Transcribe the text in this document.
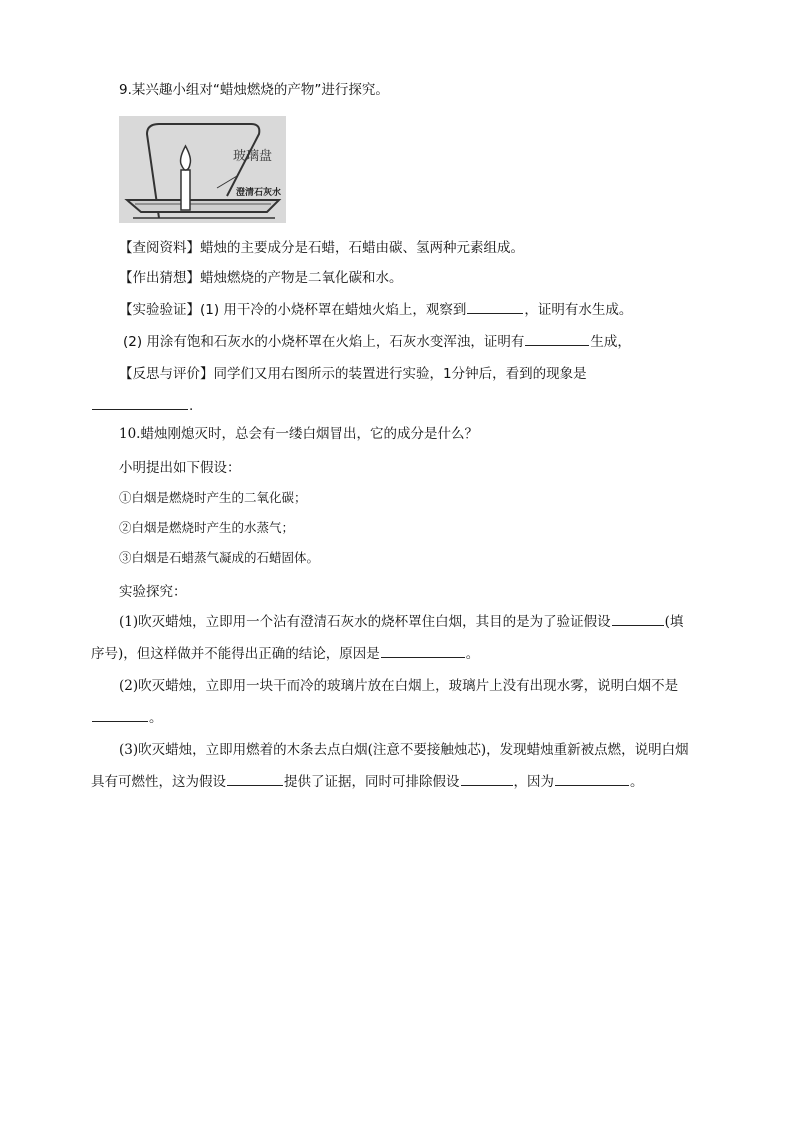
9.某兴趣小组对“蜡烛燃烧的产物”进行探究。
玻璃盘
澄清石灰水
【查阅资料】蜡烛的主要成分是石蜡，石蜡由碳、氢两种元素组成。
【作出猜想】蜡烛燃烧的产物是二氧化碳和水。
【实验验证】(1) 用干冷的小烧杯罩在蜡烛火焰上，观察到	，证明有水生成。
(2) 用涂有饱和石灰水的小烧杯罩在火焰上，石灰水变浑浊，证明有	生成，
【反思与评价】同学们又用右图所示的装置进行实验，1分钟后，看到的现象是
.
10.蜡烛刚熄灭时，总会有一缕白烟冒出，它的成分是什么？
小明提出如下假设：
①白烟是燃烧时产生的二氧化碳；
②白烟是燃烧时产生的水蒸气；
③白烟是石蜡蒸气凝成的石蜡固体。
实验探究：
(1)吹灭蜡烛，立即用一个沾有澄清石灰水的烧杯罩住白烟，其目的是为了验证假设	(填
序号)，但这样做并不能得出正确的结论，原因是	。
(2)吹灭蜡烛，立即用一块干而冷的玻璃片放在白烟上，玻璃片上没有出现水雾，说明白烟不是
。
(3)吹灭蜡烛，立即用燃着的木条去点白烟(注意不要接触烛芯)，发现蜡烛重新被点燃，说明白烟
具有可燃性，这为假设	提供了证据，同时可排除假设	，因为	。
